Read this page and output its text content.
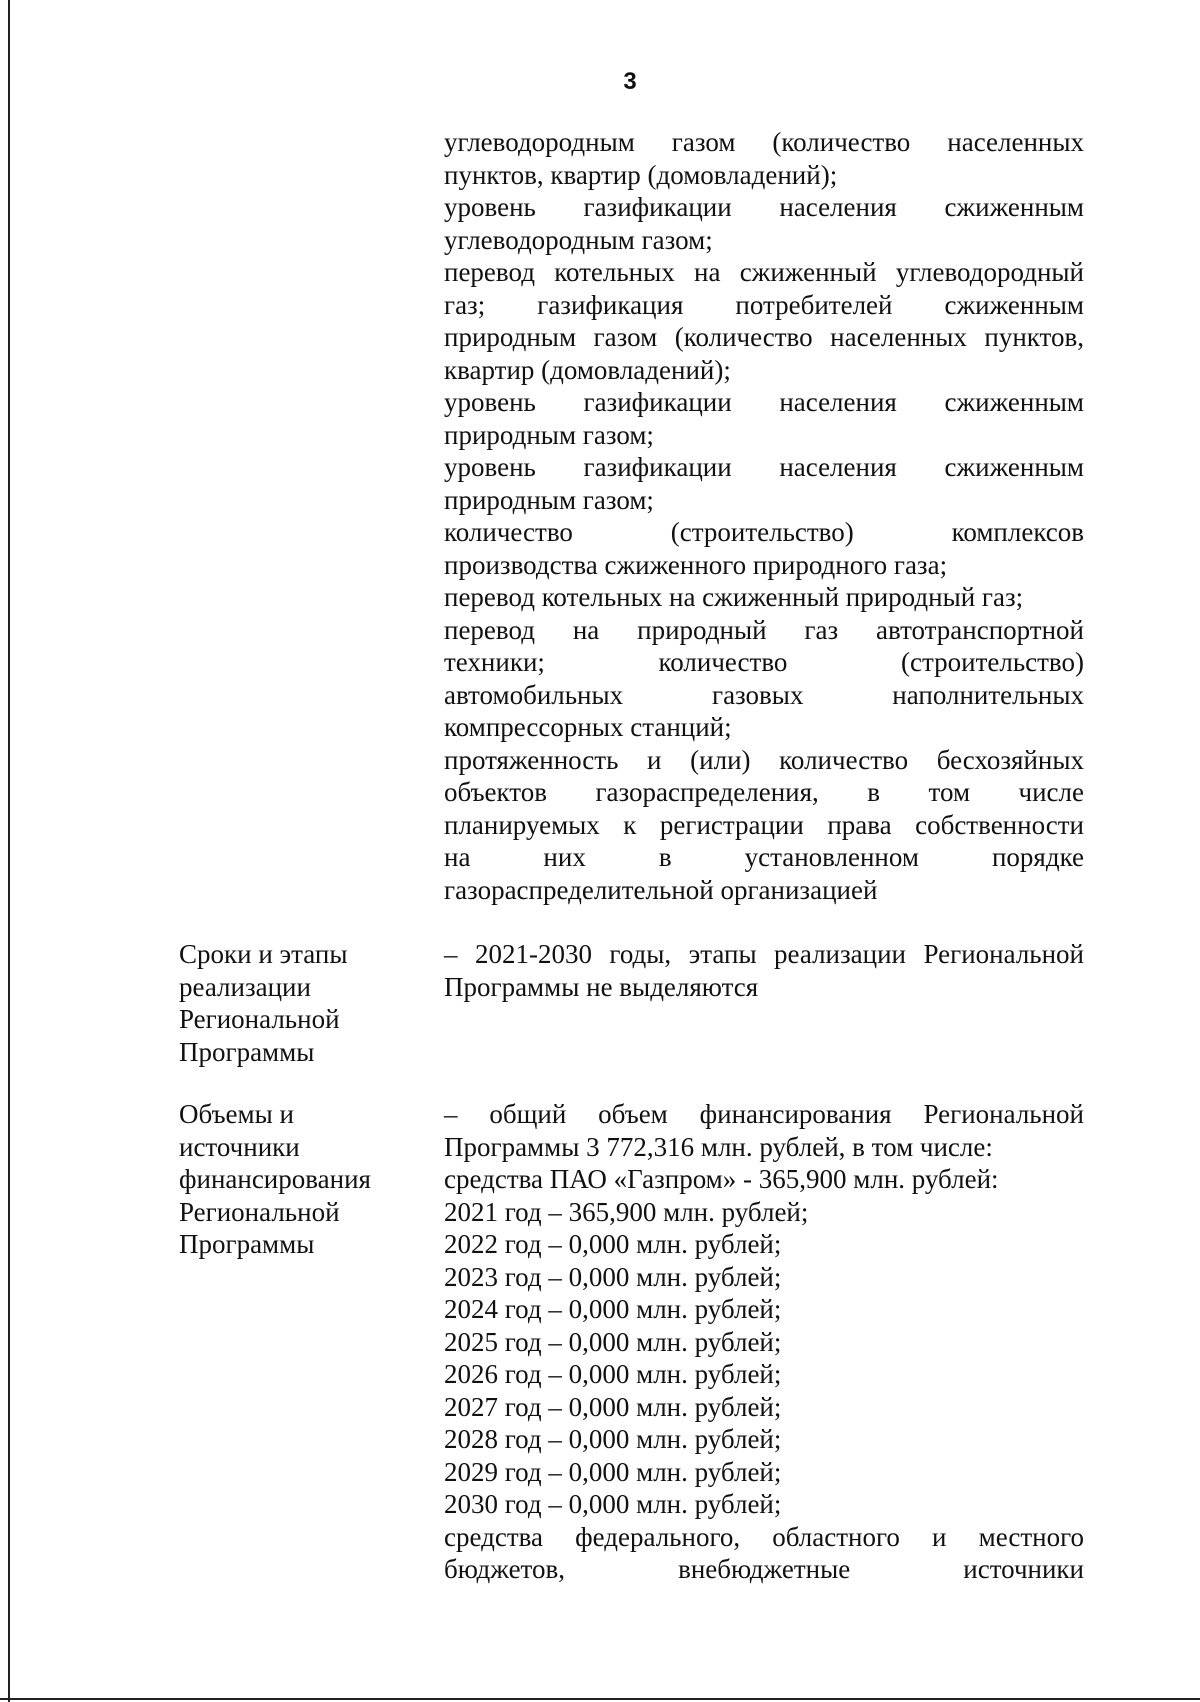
3
углеводородным газом (количество населенных
пунктов, квартир (домовладений);
уровень газификации населения сжиженным
углеводородным газом;
перевод котельных на сжиженный углеводородный
газ; газификация потребителей сжиженным
природным газом (количество населенных пунктов,
квартир (домовладений);
уровень газификации населения сжиженным
природным газом;
уровень газификации населения сжиженным
природным газом;
количество (строительство) комплексов
производства сжиженного природного газа;
перевод котельных на сжиженный природный газ;
перевод на природный газ автотранспортной
техники; количество (строительство)
автомобильных газовых наполнительных
компрессорных станций;
протяженность и (или) количество бесхозяйных
объектов газораспределения, в том числе
планируемых к регистрации права собственности
на них в установленном порядке
газораспределительной организацией
Сроки и этапы
реализации
Региональной
Программы
– 2021-2030 годы, этапы реализации Региональной
Программы не выделяются
Объемы и
источники
финансирования
Региональной
Программы
– общий объем финансирования Региональной
Программы 3 772,316 млн. рублей, в том числе:
средства ПАО «Газпром» - 365,900 млн. рублей:
2021 год – 365,900 млн. рублей;
2022 год – 0,000 млн. рублей;
2023 год – 0,000 млн. рублей;
2024 год – 0,000 млн. рублей;
2025 год – 0,000 млн. рублей;
2026 год – 0,000 млн. рублей;
2027 год – 0,000 млн. рублей;
2028 год – 0,000 млн. рублей;
2029 год – 0,000 млн. рублей;
2030 год – 0,000 млн. рублей;
средства федерального, областного и местного
бюджетов, внебюджетные источники
